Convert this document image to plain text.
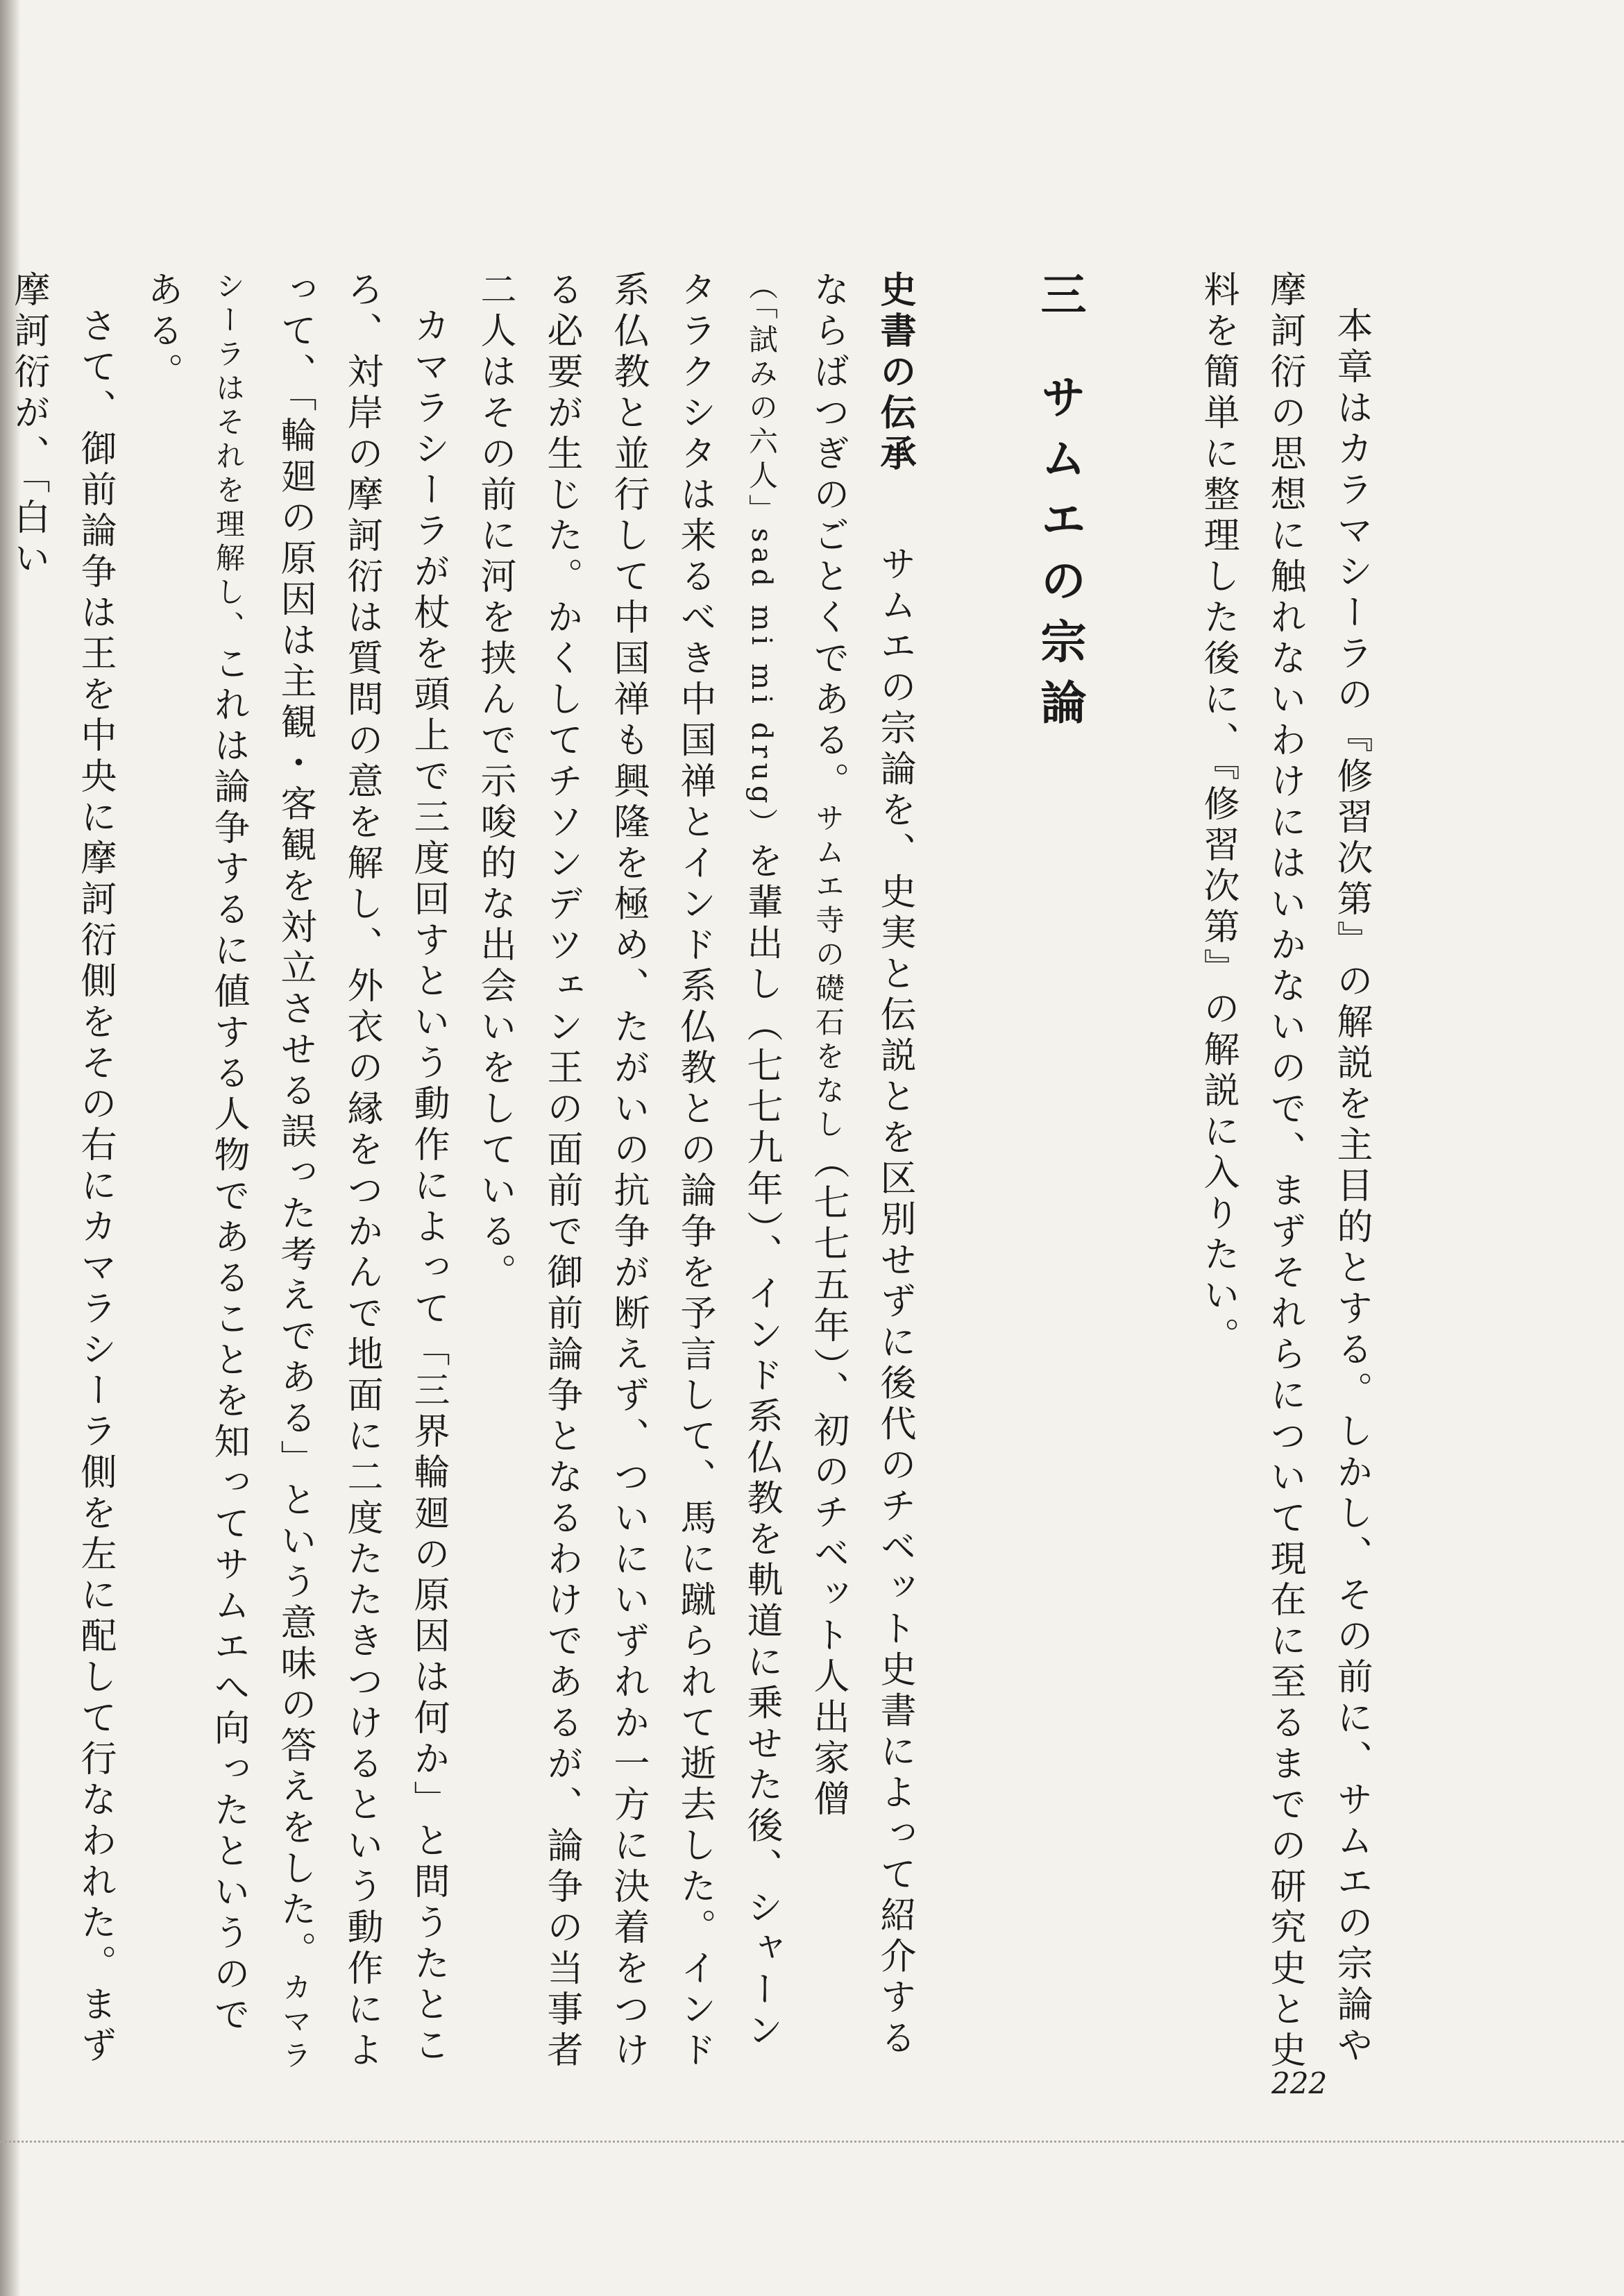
本章はカラマシーラの『修習次第』の解説を主目的とする。しかし、その前に、サムエの宗論や摩訶衍の思想に触れないわけにはいかないので、まずそれらについて現在に至るまでの研究史と史料を簡単に整理した後に、『修習次第』の解説に入りたい。

三サムエの宗論

史書の伝承　サムエの宗論を、史実と伝説とを区別せずに後代のチベット史書によって紹介するならばつぎのごとくである。サムエ寺の礎石をなし（七七五年）、初のチベット人出家僧（「試みの六人」sad mi mi drug）を輩出し（七七九年）、インド系仏教を軌道に乗せた後、シャーンタラクシタは来るべき中国禅とインド系仏教との論争を予言して、馬に蹴られて逝去した。インド系仏教と並行して中国禅も興隆を極め、たがいの抗争が断えず、ついにいずれか一方に決着をつける必要が生じた。かくしてチソンデツェン王の面前で御前論争となるわけであるが、論争の当事者二人はその前に河を挟んで示唆的な出会いをしている。

カマラシーラが杖を頭上で三度回すという動作によって「三界輪廻の原因は何か」と問うたところ、対岸の摩訶衍は質問の意を解し、外衣の縁をつかんで地面に二度たたきつけるという動作によって、「輪廻の原因は主観・客観を対立させる誤った考えである」という意味の答えをした。カマラシーラはそれを理解し、これは論争するに値する人物であることを知ってサムエへ向ったというのである。

さて、御前論争は王を中央に摩訶衍側をその右にカマラシーラ側を左に配して行なわれた。まず摩訶衍が、「白い

222
